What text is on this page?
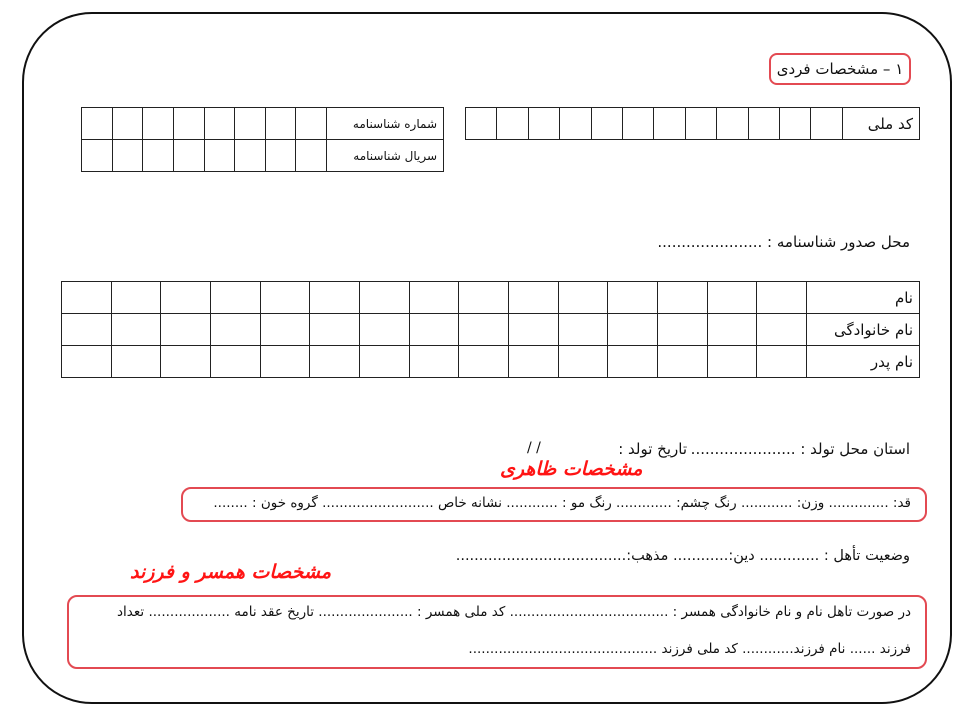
۱ – مشخصات فردی
												کد ملی
								شماره شناسنامه
								سریال شناسنامه
محل صدور شناسنامه : ......................
															نام
															نام خانوادگی
															نام پدر
استان محل تولد : ......................
تاریخ تولد :
/ /
مشخصات ظاهری
قد: .............. وزن: ............ رنگ چشم: ............. رنگ مو : ............ نشانه خاص .......................... گروه خون : ........
وضعیت تأهل : ............. دین:............ مذهب:.....................................
مشخصات همسر و فرزند
در صورت تاهل نام و نام خانوادگی همسر : ..................................... کد ملی همسر : ...................... تاریخ عقد نامه ................... تعداد
فرزند ...... نام فرزند............ کد ملی فرزند ............................................
